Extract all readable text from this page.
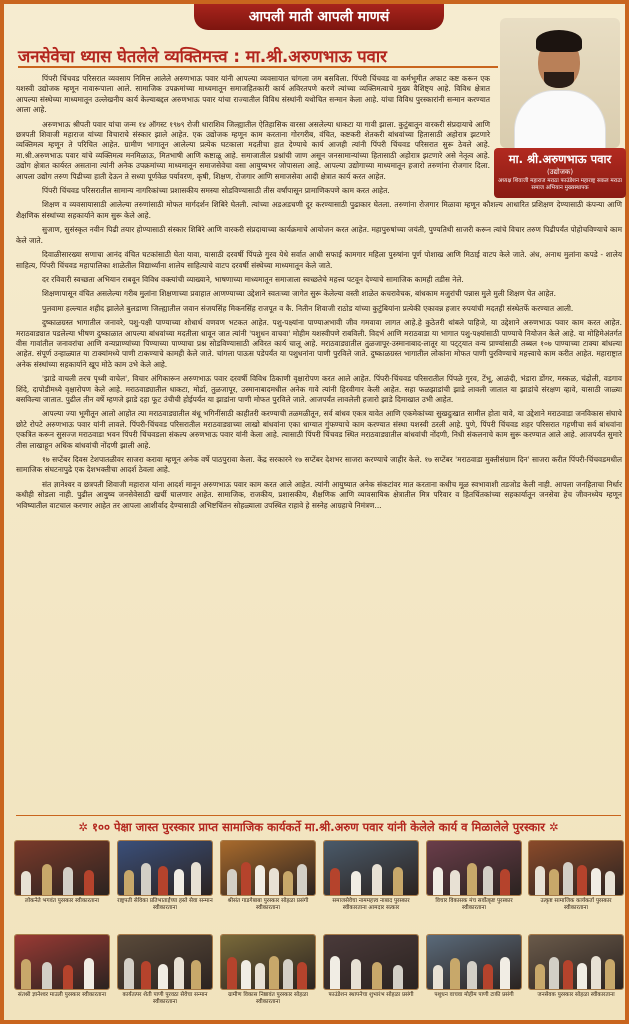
आपली माती आपली माणसं
जनसेवेचा ध्यास घेतलेले व्यक्तिमत्त्व : मा.श्री.अरुणभाऊ पवार
मा. श्री.अरुणभाऊ पवार
(उद्योजक)
अध्यक्ष शिवाजी महाराज मराठा फाउंडेशन महाराष्ट्र सकल मराठा समाज अभियान मुख्यस्थापक

पिंपरी चिंचवड परिसरात व्यवसाय निमित्त आलेले अरुणभाऊ पवार यांनी आपल्या व्यवसायात चांगला जम बसविला. पिंपरी चिंचवड वा कर्मभूमीत अफाट कष्ट करून एक यशस्वी उद्योजक म्हणून नावारूपाला आले. सामाजिक उपक्रमांच्या माध्यमातून समाजहितकारी कार्य अविरतपणे करणे त्यांच्या व्यक्तिमत्वाचे मुख्य वैशिष्ट्य आहे. विविध क्षेत्रात आपल्या संस्थेच्या माध्यमातून उल्लेखनीय कार्य केल्याबद्दल अरुणभाऊ पवार यांचा राज्यातील विविध संस्थांनी यथोचित सन्मान केला आहे. यांचा विविध पुरस्कारांनी सन्मान करण्यात आला आहे.

अरुणभाऊ श्रीपती पवार यांचा जन्म १४ ऑगस्ट १९७९ रोजी धाराशिव जिल्ह्यातील ऐतिहासिक वारसा असलेल्या धाकटा या गावी झाला. कुटुंबातून वारकरी संप्रदायाचे आणि छत्रपती शिवाजी महाराज यांच्या विचाराचे संस्कार झाले आहेत. एक उद्योजक म्हणून काम करताना गोरगरीब, वंचित, कष्टकरी शेतकरी बांधवांच्या हितासाठी अहोरात्र झटणारे व्यक्तिमत्व म्हणून ते परिचित आहेत. ग्रामीण भागातून आलेल्या प्रत्येक घटकाला मदतीचा हात देण्याचे कार्य आजही त्यांनी पिंपरी चिंचवड परिसरात सुरू ठेवले आहे. मा.श्री.अरुणभाऊ पवार यांचे व्यक्तिमत्व मनमिळाऊ, मितभाषी आणि कष्टाळू आहे. समाजातील प्रश्नांची जाण असून जनसामान्यांच्या हितासाठी अहोरात्र झटणारे असे नेतृत्व आहे. उद्योग क्षेत्रात कार्यरत असताना त्यांनी अनेक उपक्रमांच्या माध्यमातून समाजसेवेचा वसा आयुष्यभर जोपासला आहे. आपल्या उद्योगाच्या माध्यमातून हजारो तरुणांना रोजगार दिला. आपला उद्योग तरुण पिढीच्या हाती देऊन ते सध्या पूर्णवेळ पर्यावरण, कृषी, शिक्षण, रोजगार आणि समाजसेवा आदी क्षेत्रात कार्य करत आहेत.

पिंपरी चिंचवड परिसरातील सामान्य नागरिकांच्या प्रशासकीय समस्या सोडविण्यासाठी तीस वर्षांपासून प्रामाणिकपणे काम करत आहेत.

शिक्षण व व्यवसायासाठी आलेल्या तरुणांसाठी मोफत मार्गदर्शन शिबिरे घेतली. त्यांच्या अडअडचणी दूर करण्यासाठी पुढाकार घेतला. तरुणांना रोजगार मिळावा म्हणून कौशल्य आधारित प्रशिक्षण देण्यासाठी कंपन्या आणि शैक्षणिक संस्थांच्या सहकार्याने काम सुरू केले आहे.

सुजाण, सुसंस्कृत नवीन पिढी तयार होण्यासाठी संस्कार शिबिरे आणि वारकरी संप्रदायाच्या कार्यक्रमाचे आयोजन करत आहेत. महापुरुषांच्या जयंती, पुण्यतिथी साजरी करून त्यांचे विचार तरुण पिढीपर्यंत पोहोचविण्याचे काम केले जाते.

दिवाळीसारख्या सणाचा आनंद वंचित घटकांसाठी घेता यावा, यासाठी दरवर्षी पिंपळे गुरव येथे सर्वात आधी सफाई कामगार महिला पुरुषांना पूर्ण पोशाख आणि मिठाई वाटप केले जाते. अंध, अनाथ मुलांना कपडे - शालेय साहित्य, पिंपरी चिंचवड महापालिका शाळेतील विद्यार्थ्यांना शालेय साहित्याचे वाटप दरवर्षी संस्थेच्या माध्यमातून केले जाते.

दर रविवारी स्वच्छता अभियान राबवून विविध वक्त्यांची व्याख्याने, भाषणाच्या माध्यमातून समाजाला स्वच्छतेचे महत्त्व पटवून देण्याचे सामाजिक कामही तडीस नेले.

शिक्षणापासून वंचित असलेल्या गरीब मुलांना शिक्षणाच्या प्रवाहात आणण्याच्या उद्देशाने स्वतःच्या जागेत सुरू केलेल्या वस्ती शाळेत कचरावेचक, बांधकाम मजुरांची पन्नास मुले मुली शिक्षण घेत आहेत.

पुलवामा हल्ल्यात शहीद झालेले बुलडाणा जिल्ह्यातील जवान संजयसिंह मिकनसिंह राजपूत व कै. नितीन शिवाजी राठोड यांच्या कुटुंबियांना प्रत्येकी एकावन्न हजार रुपयांची मदतही संस्थेतर्फे करण्यात आली.

दुष्काळग्रस्त भागातील जनावरे, पशु-पक्षी पाण्याच्या शोधार्थ वणवण भटकत आहेत. पशु-पक्ष्यांना पाण्याअभावी जीव गमवावा लागत आहे.हे कुठेतरी थांबले पाहिजे, या उद्देशाने अरुणभाऊ पवार काम करत आहेत. मराठवाड्यात पडलेल्या भीषण दुष्काळात आपल्या बांधवांच्या मदतीला धावून जात त्यांनी 'पशुधन वाचवा' मोहीम यशस्वीपणे राबविली. विदर्भ आणि मराठवाडा या भागात पशु-पक्ष्यांसाठी पाण्याचे नियोजन केले आहे. या मोहिमेअंतर्गत वीस गावांतील जनावरांचा आणि वन्यप्राण्यांच्या पिण्याच्या पाण्याचा प्रश्न सोडविण्यासाठी अविरत कार्य चालू आहे. मराठवाड्यातील तुळजापूर-उस्मानाबाद-लातूर या पट्ट्यात वन्य प्राण्यांसाठी तब्बल १०७ पाण्याच्या टाक्या बांधल्या आहेत. संपूर्ण उन्हाळ्यात या टाक्यांमध्ये पाणी टाकण्याचे कामही केले जाते. चांगला पाऊस पडेपर्यंत या पशुधनांना पाणी पुरविले जाते. दुष्काळग्रस्त भागातील लोकांना मोफत पाणी पुरविण्याचे महत्त्वाचे काम करीत आहेत. महाराष्ट्रात अनेक संस्थांच्या सहकार्याने खूप मोठे काम उभे केले आहे.

'झाडे वाचली तरच पृथ्वी वाचेल', विचार अंगिकारून अरुणभाऊ पवार दरवर्षी विविध ठिकाणी वृक्षारोपण करत आले आहेत. पिंपरी-चिंचवड परिसरातील पिंपळे गुरव, टेंभू, आळंदी, भंडारा डोंगर, मस्कळ, चंद्रोली, वडगाव शिंदे, दापोडीमध्ये वृक्षारोपण केले आहे. मराठवाड्यातील धाकटा, मोर्डा, तुळजापूर, उस्मानाबादमधील अनेक गावे त्यांनी हिरवीगार केली आहेत. सहा फळझाडांची झाडे लावली जातात या झाडांचे संरक्षण व्हावे, यासाठी जाळ्या बसविल्या जातात. पुढील तीन वर्षे म्हणजे झाडे दहा फूट उंचीची होईपर्यंत या झाडांना पाणी मोफत पुरविले जाते. आजपर्यंत लावलेली हजारो झाडे दिमाखात उभी आहेत.

आपल्या ज्या भूमीतून आलो आहोत त्या मराठवाड्यातील बंधू भगिनींसाठी काहीतरी करण्याची तळमळीतून, सर्व बांधव एकत्र यावेत आणि एकमेकांच्या सुखदुःखात सामील होता यावे, या उद्देशाने मराठवाडा जनविकास संघाचे छोटे रोपटे अरुणभाऊ पवार यांनी लावले. पिंपरी-चिंचवड परिसरातील मराठवाड्याच्या लाखो बांधवांना एका धाग्यात गुंफण्याचे काम करण्यात संस्था यशस्वी ठरली आहे. पुणे, पिंपरी चिंचवड शहर परिसरात गहणीचा सर्व बांधवांना एकत्रित करून सुसज्ज मराठवाडा भवन पिंपरी चिंचवडला संकल्प अरुणभाऊ पवार यांनी केला आहे. त्यासाठी पिंपरी चिंचवड स्थित मराठवाड्यातील बांधवांची नोंदणी, निधी संकलनाचे काम सुरू करण्यात आले आहे. आजपर्यंत सुमारे तीस लाखाहून अधिक बांधवांची नोंदणी झाली आहे.

१७ सप्टेंबर दिवस टेशपातळीवर साजरा करावा म्हणून अनेक वर्षे पाठपुरावा केला. केंद्र सरकारने १७ सप्टेंबर देशभर साजरा करण्याचे जाहीर केले. १७ सप्टेंबर 'मराठवाडा मुक्तीसंग्राम दिन' साजरा करीत पिंपरी-चिंचवडमधील सामाजिक संघटनापुढे एक देशभक्तीचा आदर्श ठेवला आहे.

संत ज्ञानेश्वर व छत्रपती शिवाजी महाराज यांना आदर्श मानून अरुणभाऊ पवार काम करत आले आहेत. त्यांनी आयुष्यात अनेक संकटांवर मात करताना कधीच मूळ स्वभावाशी तडजोड केली नाही. आपला जनहिताचा निर्धार कधीही सोडला नाही. पुढील आयुष्य जनसेवेसाठी खर्ची घालणार आहेत. सामाजिक, राजकीय, प्रशासकीय, शैक्षणिक आणि व्यावसायिक क्षेत्रातील मित्र परिवार व हितचिंतकांच्या सहकार्यातून जनसेवा हेच जीवनध्येय म्हणून भविष्यातील वाटचाल करणार आहेत तर आपला आशीर्वाद देण्यासाठी अभिष्टचिंतन सोहळ्याला उपस्थित राहावे हे सस्नेह आग्रहाचे निमंत्रण...

✲ १०० पेक्षा जास्त पुरस्कार प्राप्त सामाजिक कार्यकर्ते मा.श्री.अरुण पवार यांनी केलेले कार्य व मिळालेले पुरस्कार ✲
लोकनेते भगवंत पुरस्कार स्वीकारताना	राष्ट्रपती सेविका प्रतिभाताईंच्या हस्ते सेवा सन्मान स्वीकारताना
श्रीसंत गाडगेबाबा पुरस्कार सोहळा प्रसंगी स्वीकारताना
समाजसेवेचा नाममहत्त्व नाबाद पुरस्कार स्वीकारताना आमदार सत्कार
विचार विकासक मंच सर्वोत्कृष्ट पुरस्कार स्वीकारताना
उत्कृष्ट सामाजिक कार्यकर्ता पुरस्कार स्वीकारताना
संतश्री ज्ञानेश्वर माउली पुरस्कार स्वीकारताना	कार्यतत्पर शेती पाणी पुरवठा सेवेचा सन्मान स्वीकारताना
ग्रामीण विकास निष्ठावंत पुरस्कार सोहळा स्वीकारताना
फाउंडेशन स्थापनेचा शुभारंभ सोहळा प्रसंगी	पशुधन वाचवा मोहीम पाणी टाकी प्रसंगी	जनसेवक पुरस्कार सोहळा स्वीकारताना
